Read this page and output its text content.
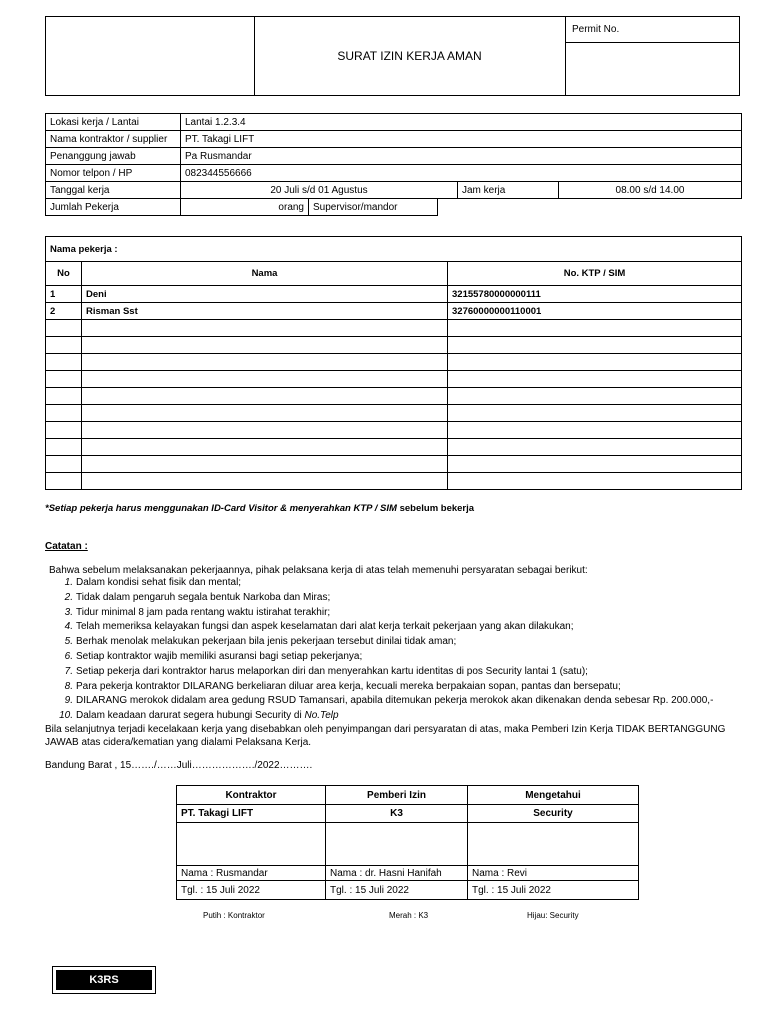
SURAT IZIN KERJA AMAN
Permit No.
Lokasi kerja / Lantai	Lantai 1.2.3.4				
Nama kontraktor / supplier	PT. Takagi LIFT				
Penanggung jawab	Pa Rusmandar				
Nomor telpon / HP	082344556666				
Tanggal kerja	20 Juli s/d 01 Agustus			Jam kerja	08.00 s/d 14.00
Jumlah Pekerja	orang	Supervisor/mandor			
Nama pekerja :		
No	Nama	No. KTP / SIM
1	Deni	32155780000000111
2	Risman Sst	32760000000110001

*Setiap pekerja harus menggunakan ID-Card Visitor & menyerahkan KTP / SIM sebelum bekerja
Catatan :
Bahwa sebelum melaksanakan pekerjaannya, pihak pelaksana kerja di atas telah memenuhi persyaratan sebagai berikut:
1. Dalam kondisi sehat fisik dan mental;
2. Tidak dalam pengaruh segala bentuk Narkoba dan Miras;
3. Tidur minimal 8 jam pada rentang waktu istirahat terakhir;
4. Telah memeriksa kelayakan fungsi dan aspek keselamatan dari alat kerja terkait pekerjaan yang akan dilakukan;
5. Berhak menolak melakukan pekerjaan bila jenis pekerjaan tersebut dinilai tidak aman;
6. Setiap kontraktor wajib memiliki asuransi bagi setiap pekerjanya;
7. Setiap pekerja dari kontraktor harus melaporkan diri dan menyerahkan kartu identitas di pos Security lantai 1 (satu);
8. Para pekerja kontraktor DILARANG berkeliaran diluar area kerja, kecuali mereka berpakaian sopan, pantas dan bersepatu;
9. DILARANG merokok didalam area gedung RSUD Tamansari, apabila ditemukan pekerja merokok akan dikenakan denda sebesar Rp. 200.000,-
10. Dalam keadaan darurat segera hubungi Security di No.Telp
Bila selanjutnya terjadi kecelakaan kerja yang disebabkan oleh penyimpangan dari persyaratan di atas, maka Pemberi Izin Kerja TIDAK BERTANGGUNG JAWAB atas cidera/kematian yang dialami Pelaksana Kerja.
Bandung Barat , 15……./……Juli………………./2022……….
Kontraktor	Pemberi Izin	Mengetahui
PT. Takagi LIFT	K3	Security

Nama : Rusmandar	Nama : dr. Hasni Hanifah	Nama : Revi
Tgl. : 15 Juli 2022	Tgl. : 15 Juli 2022	Tgl. : 15 Juli 2022
Putih : Kontraktor	Merah : K3	Hijau: Security
K3RS
